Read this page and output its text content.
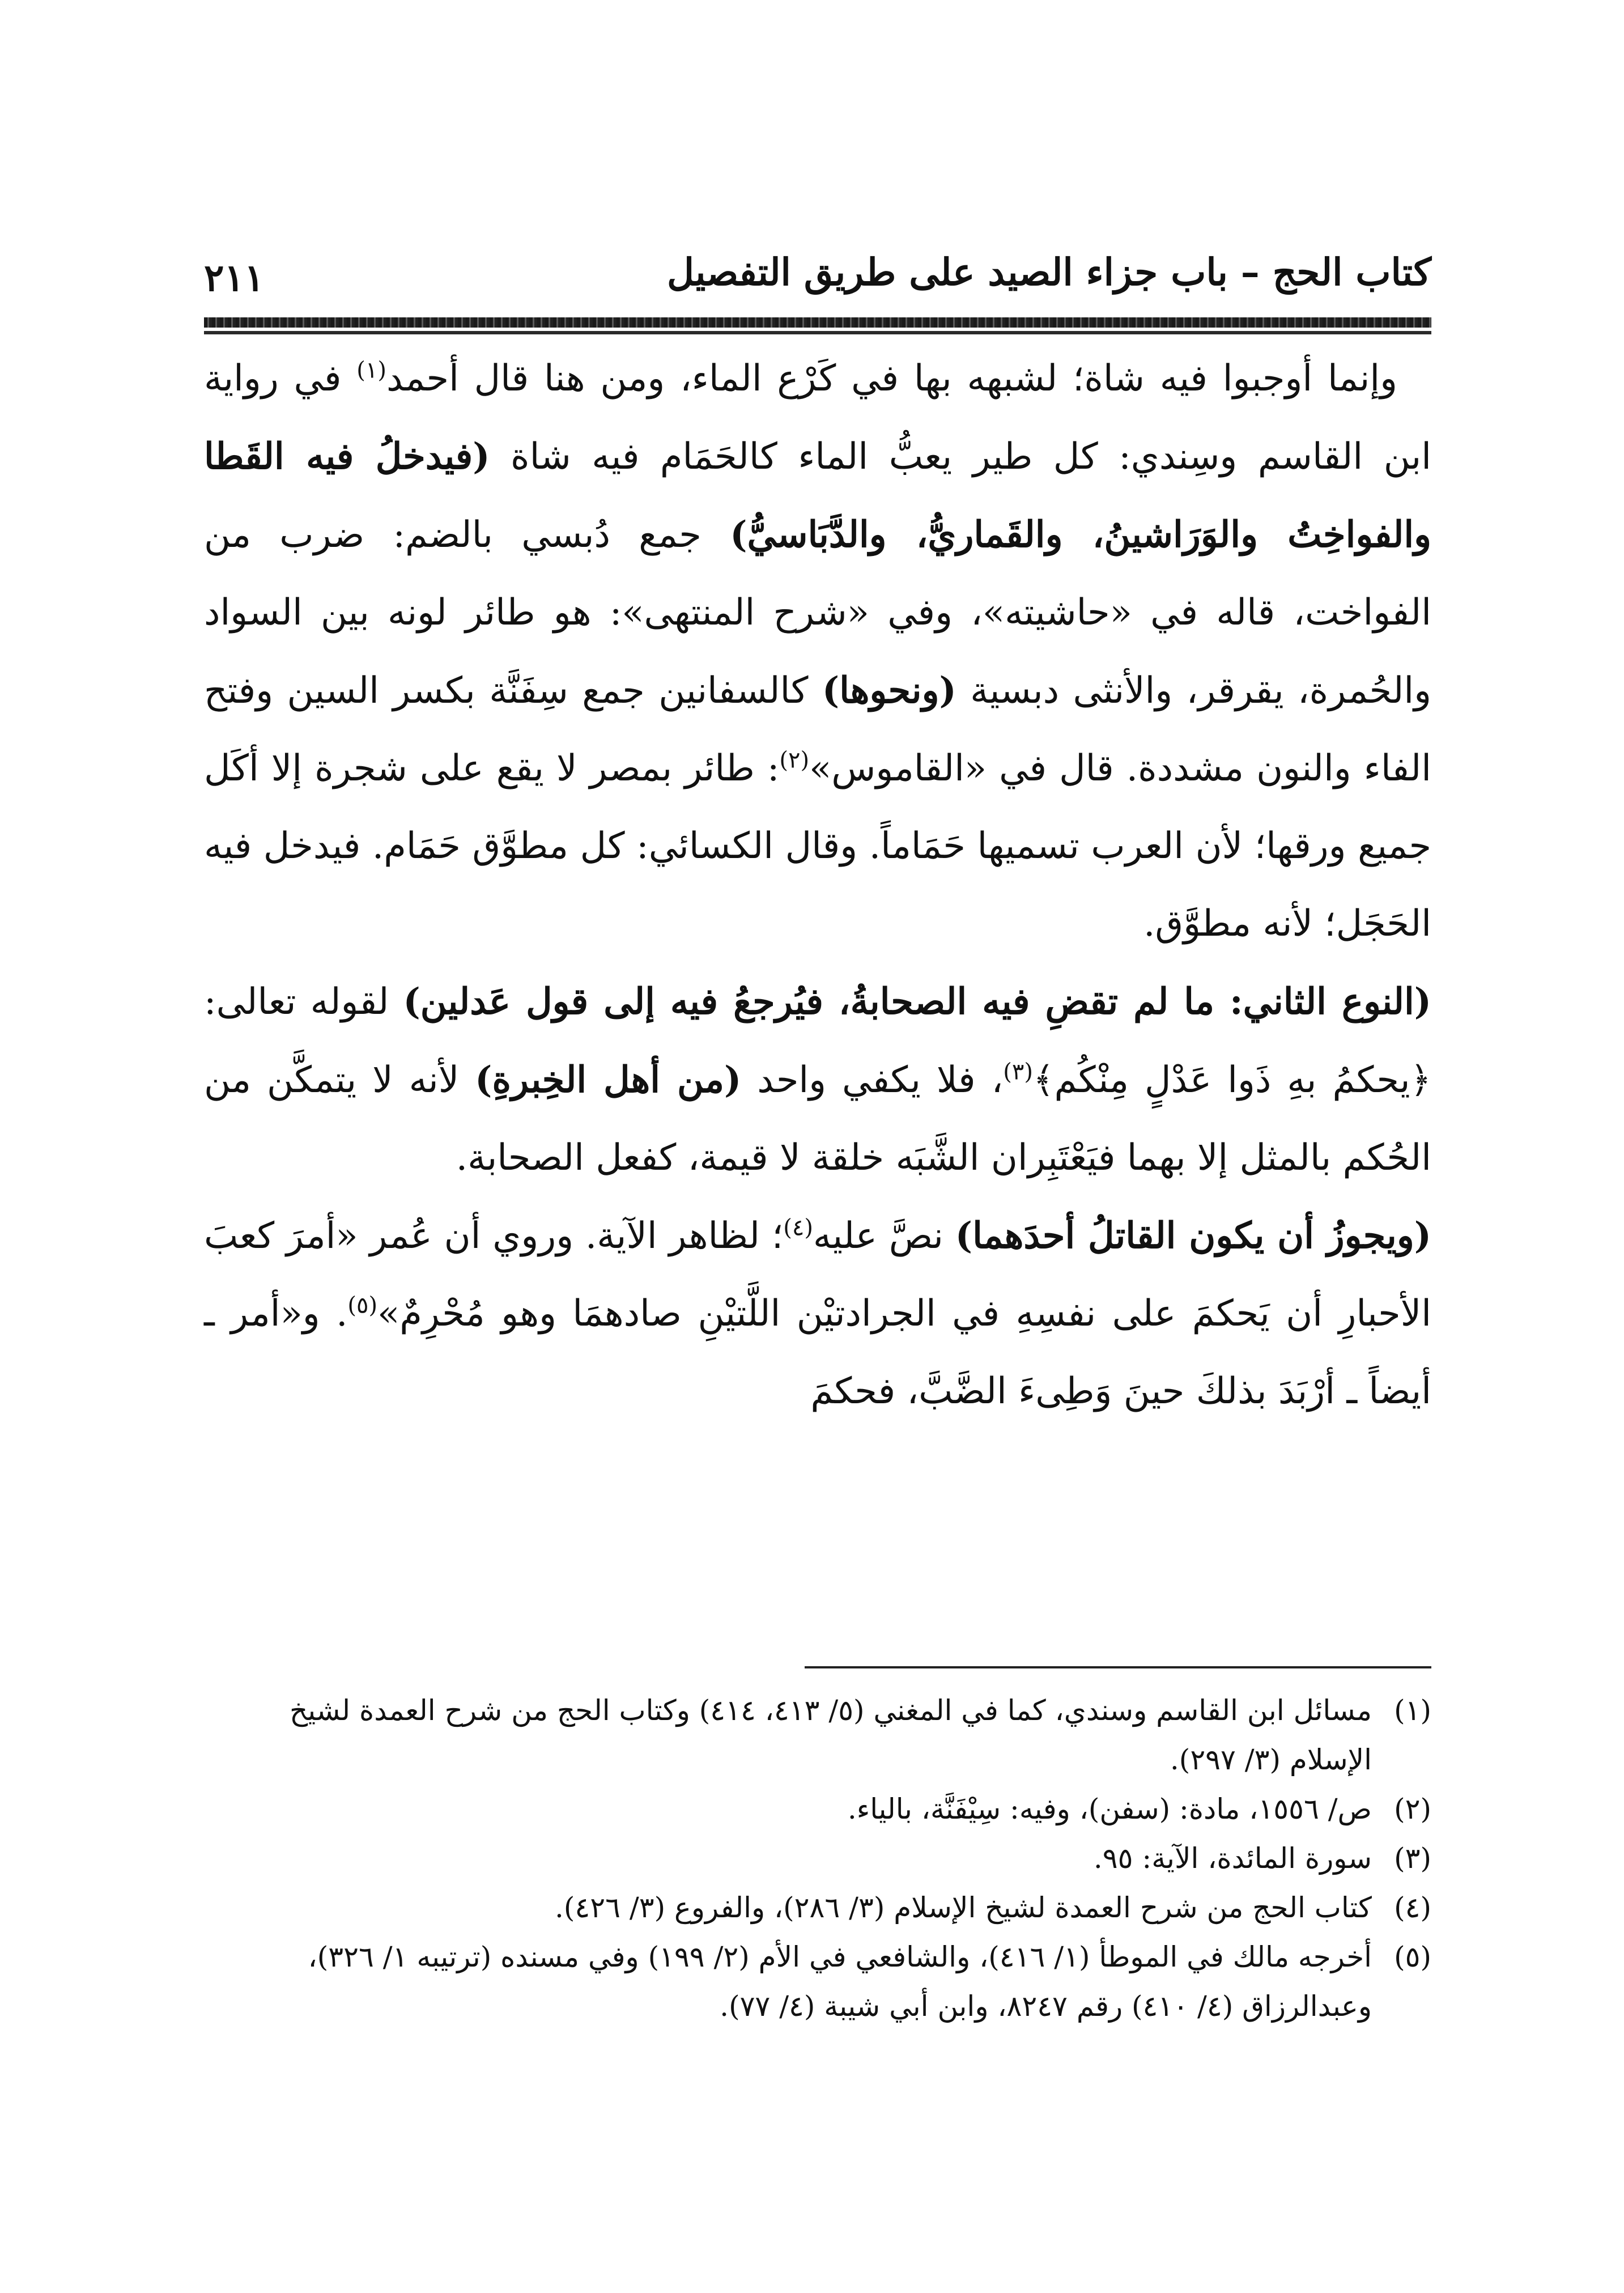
كتاب الحج – باب جزاء الصيد على طريق التفصيل
٢١١

وإنما أوجبوا فيه شاة؛ لشبهه بها في كَرْع الماء، ومن هنا قال أحمد$^{(١)}$ في رواية ابن القاسم وسِندي: كل طير يعبُّ الماء كالحَمَام فيه شاة (فيدخلُ فيه القَطا والفواخِتُ والوَرَاشينُ، والقَماريُّ، والدَّبَاسيُّ) جمع دُبسي بالضم: ضرب من الفواخت، قاله في «حاشيته»، وفي «شرح المنتهى»: هو طائر لونه بين السواد والحُمرة، يقرقر، والأنثى دبسية (ونحوها) كالسفانين جمع سِفَنَّة بكسر السين وفتح الفاء والنون مشددة. قال في «القاموس»$^{(٢)}$: طائر بمصر لا يقع على شجرة إلا أكَل جميع ورقها؛ لأن العرب تسميها حَمَاماً. وقال الكسائي: كل مطوَّق حَمَام. فيدخل فيه الحَجَل؛ لأنه مطوَّق.

(النوع الثاني: ما لم تقضِ فيه الصحابةُ، فيُرجعُ فيه إلى قول عَدلين) لقوله تعالى: ﴿يحكمُ بهِ ذَوا عَدْلٍ مِنْكُم﴾$^{(٣)}$، فلا يكفي واحد (من أهل الخِبرةِ) لأنه لا يتمكَّن من الحُكم بالمثل إلا بهما فيَعْتَبِران الشَّبَه خلقة لا قيمة، كفعل الصحابة.

(ويجوزُ أن يكون القاتلُ أحدَهما) نصَّ عليه$^{(٤)}$؛ لظاهر الآية. وروي أن عُمر «أمرَ كعبَ الأحبارِ أن يَحكمَ على نفسِهِ في الجرادتيْن اللَّتيْنِ صادهمَا وهو مُحْرِمٌ»$^{(٥)}$. و«أمر ـ أيضاً ـ أرْبَدَ بذلكَ حينَ وَطِىءَ الضَّبَّ، فحكمَ

(١)
مسائل ابن القاسم وسندي، كما في المغني (٥/ ٤١٣، ٤١٤) وكتاب الحج من شرح العمدة لشيخ الإسلام (٣/ ٢٩٧).

(٢)
ص/ ١٥٥٦، مادة: (سفن)، وفيه: سِيْفَنَّة، بالياء.

(٣)
سورة المائدة، الآية: ٩٥.

(٤)
كتاب الحج من شرح العمدة لشيخ الإسلام (٣/ ٢٨٦)، والفروع (٣/ ٤٢٦).

(٥)
أخرجه مالك في الموطأ (١/ ٤١٦)، والشافعي في الأم (٢/ ١٩٩) وفي مسنده (ترتيبه ١/ ٣٢٦)، وعبدالرزاق (٤/ ٤١٠) رقم ٨٢٤٧، وابن أبي شيبة (٤/ ٧٧).
